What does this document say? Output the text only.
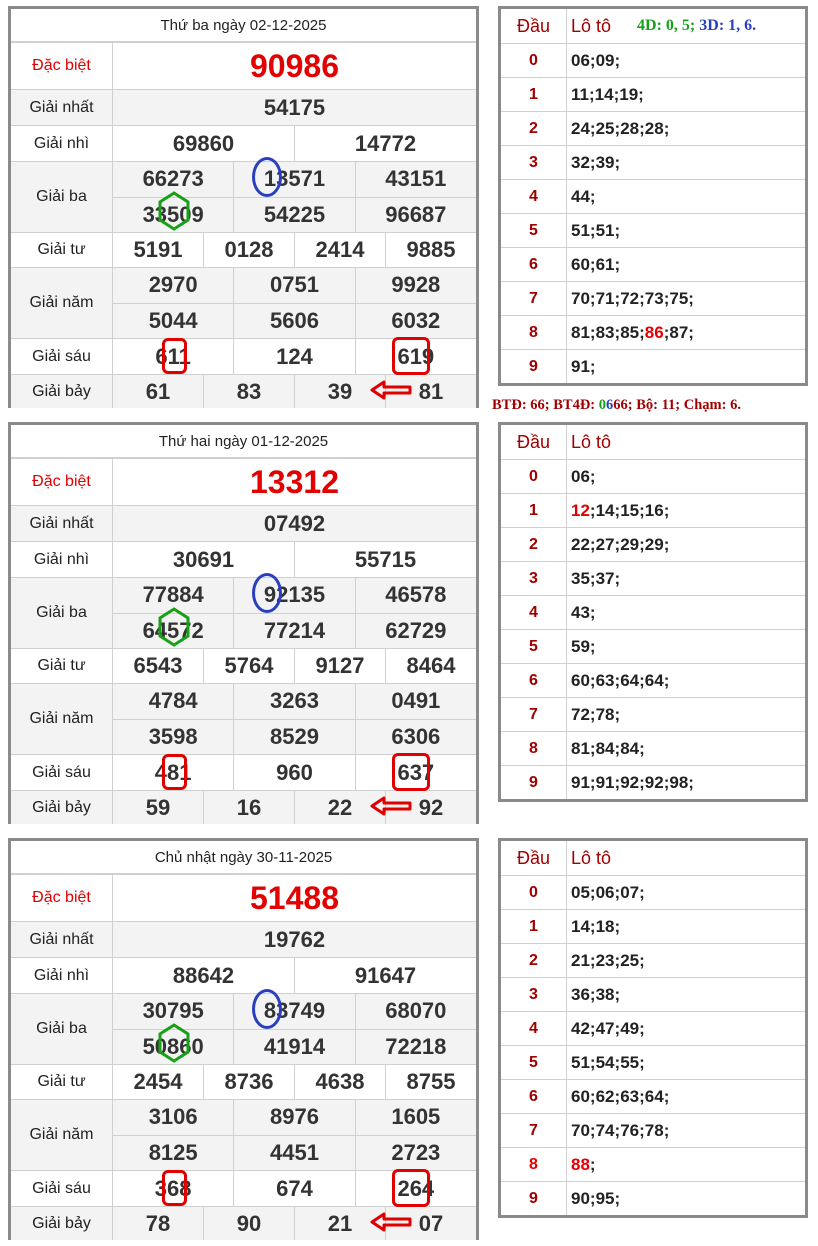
Thứ ba ngày 02-12-2025
Đặc biệt	90986
Giải nhất	54175
Giải nhì	69860	14772
Giải ba
66273	13571	43151
33509	54225	96687
Giải tư	5191	0128	2414	9885
Giải năm
2970	0751	9928
5044	5606	6032
Giải sáu	611	124	619
Giải bảy	61	83	39	81
Đầu	Lô tô 4D: 0, 5; 3D: 1, 6.
0	06 ; 09 ;
1	11 ; 14 ; 19 ;
2	24 ; 25 ; 28 ; 28 ;
3	32 ; 39 ;
4	44 ;
5	51 ; 51 ;
6	60 ; 61 ;
7	70 ; 71 ; 72 ; 73 ; 75 ;
8	81 ; 83 ; 85 ; 86 ; 87 ;
9	91 ;
Thứ hai ngày 01-12-2025
Đặc biệt	13312
Giải nhất	07492
Giải nhì	30691	55715
Giải ba
77884	92135	46578
64572	77214	62729
Giải tư	6543	5764	9127	8464
Giải năm
4784	3263	0491
3598	8529	6306
Giải sáu	481	960	637
Giải bảy	59	16	22	92
Đầu	Lô tô
0	06 ;
1	12 ; 14 ; 15 ; 16 ;
2	22 ; 27 ; 29 ; 29 ;
3	35 ; 37 ;
4	43 ;
5	59 ;
6	60 ; 63 ; 64 ; 64 ;
7	72 ; 78 ;
8	81 ; 84 ; 84 ;
9	91 ; 91 ; 92 ; 92 ; 98 ;
Chủ nhật ngày 30-11-2025
Đặc biệt	51488
Giải nhất	19762
Giải nhì	88642	91647
Giải ba
30795	83749	68070
50860	41914	72218
Giải tư	2454	8736	4638	8755
Giải năm
3106	8976	1605
8125	4451	2723
Giải sáu	368	674	264
Giải bảy	78	90	21	07
Đầu	Lô tô
0	05 ; 06 ; 07 ;
1	14 ; 18 ;
2	21 ; 23 ; 25 ;
3	36 ; 38 ;
4	42 ; 47 ; 49 ;
5	51 ; 54 ; 55 ;
6	60 ; 62 ; 63 ; 64 ;
7	70 ; 74 ; 76 ; 78 ;
8	88 ;
9	90 ; 95 ;
BTĐ: 66; BT4Đ: 0666; Bộ: 11; Chạm: 6.
